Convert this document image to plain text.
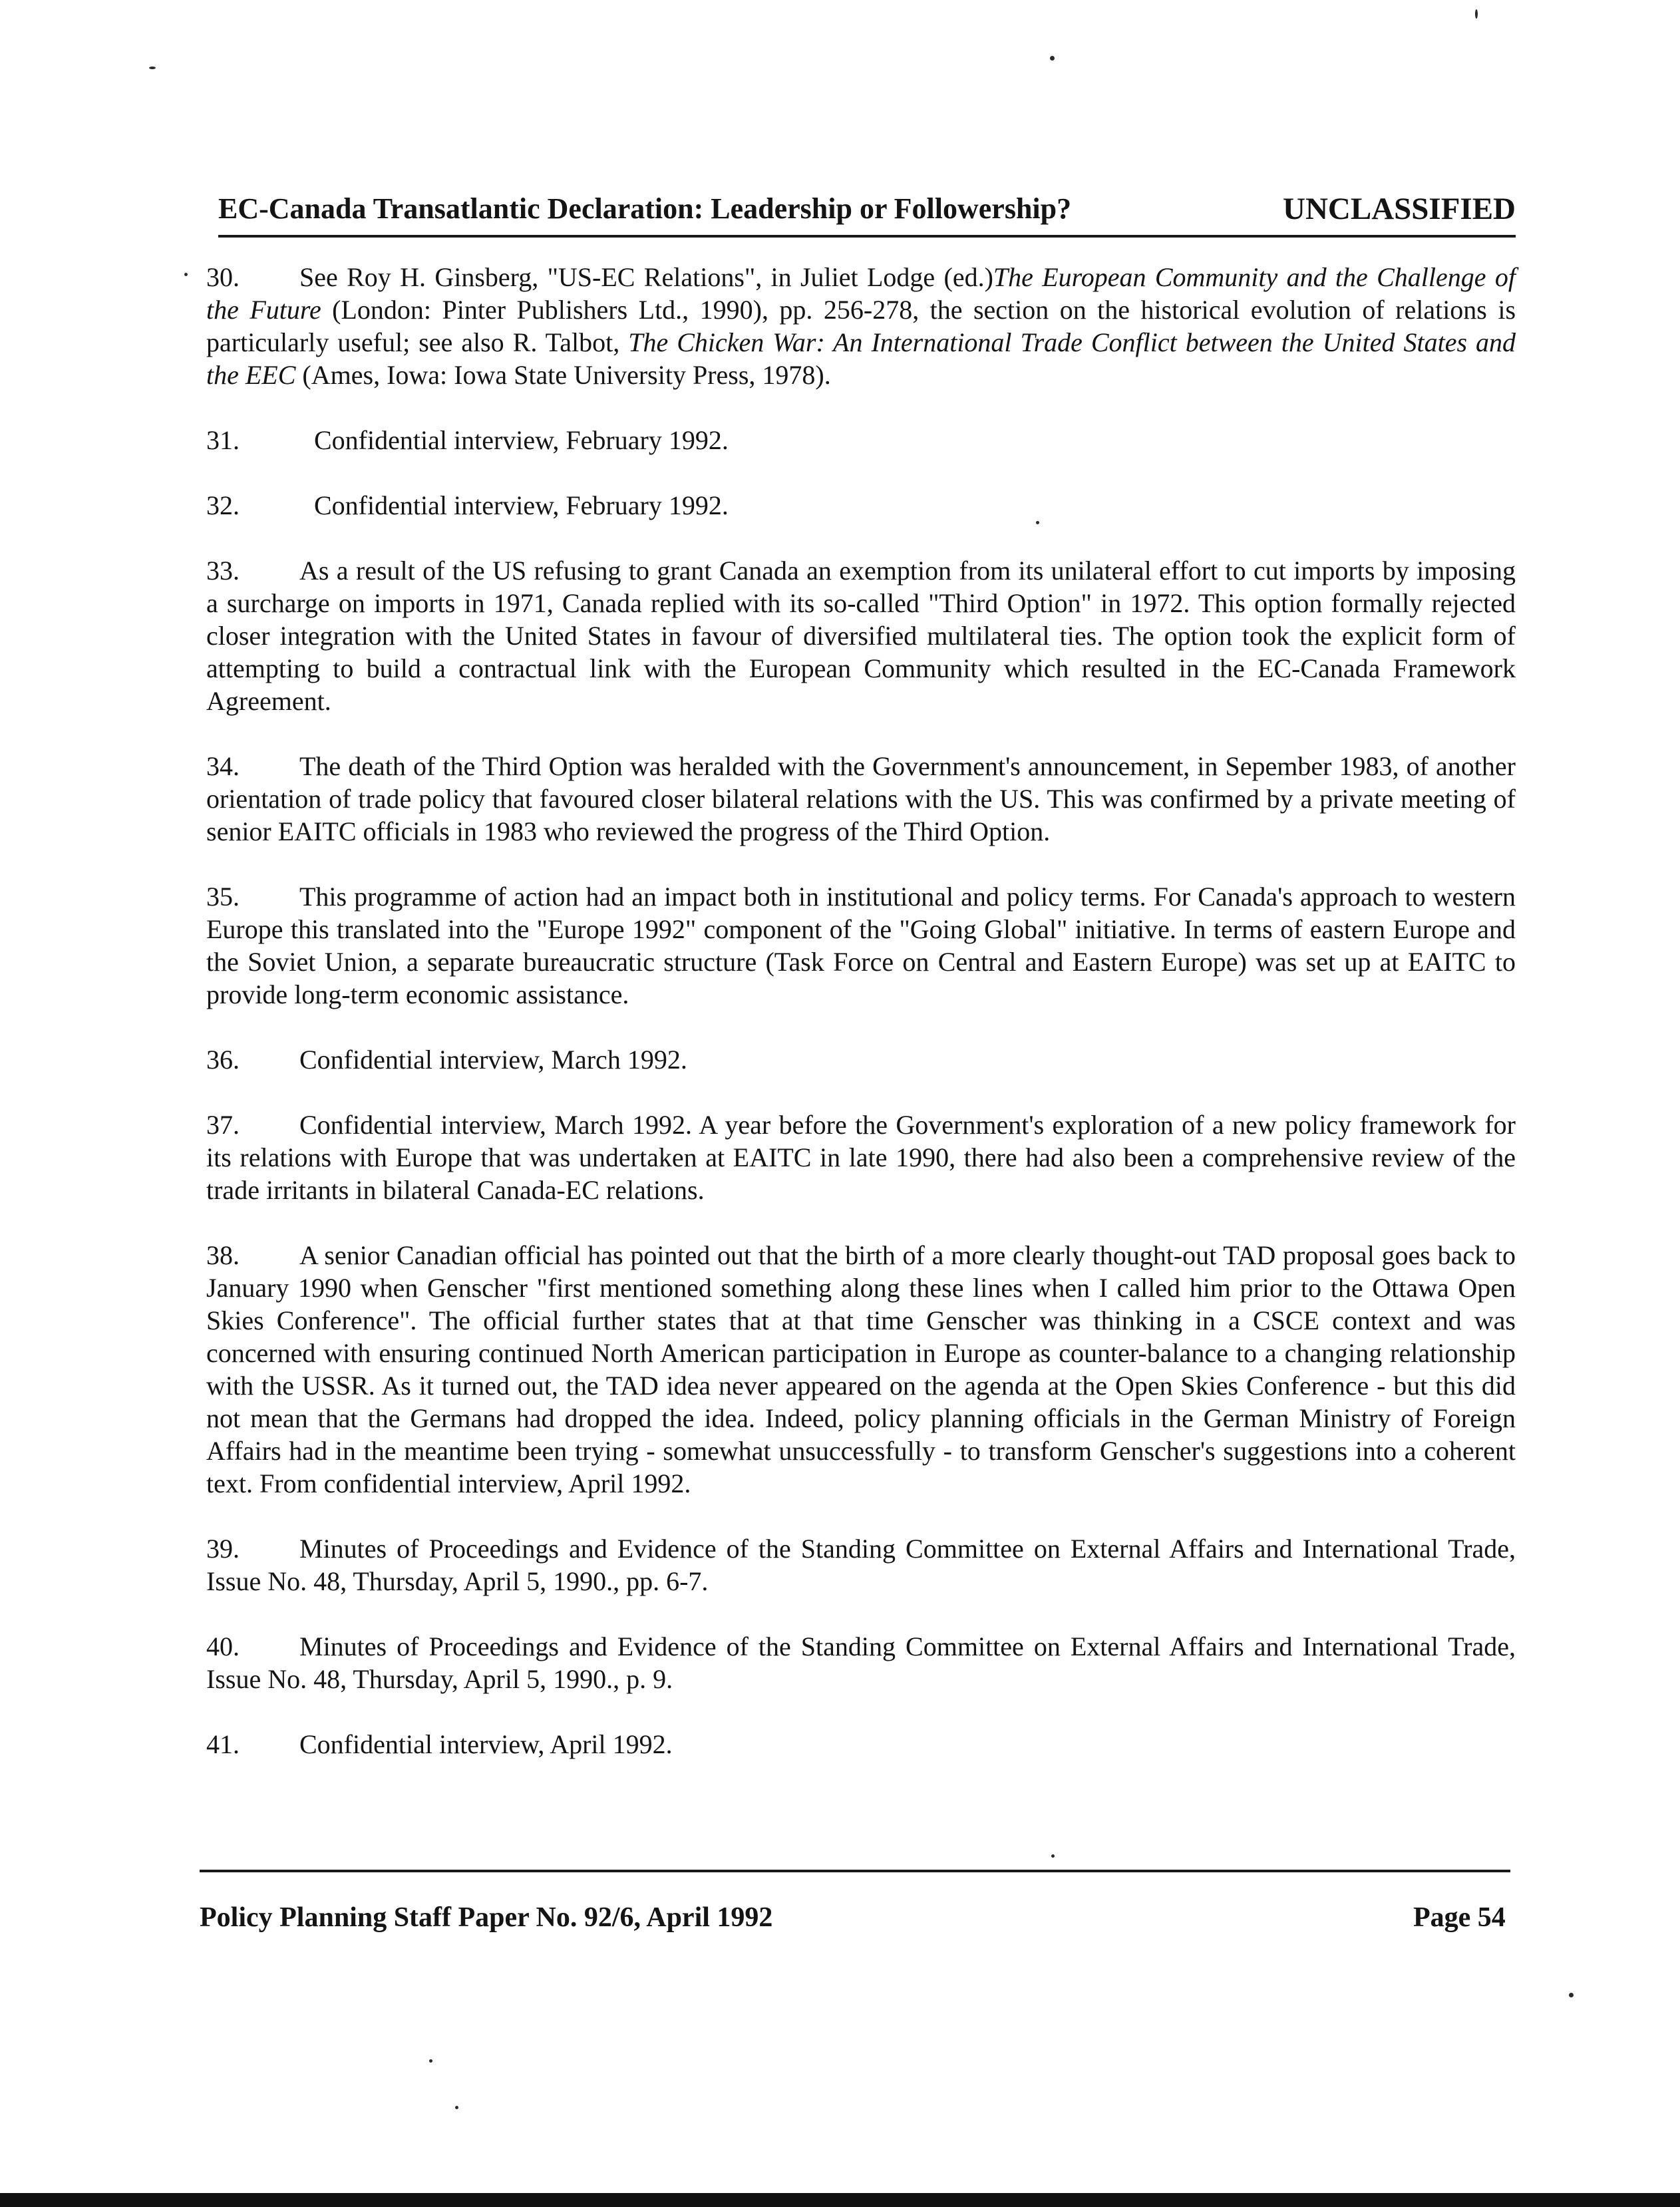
EC-Canada Transatlantic Declaration: Leadership or Followership?	UNCLASSIFIED

30. See Roy H. Ginsberg, "US-EC Relations", in Juliet Lodge (ed.)The European Community and the Challenge of the Future (London: Pinter Publishers Ltd., 1990), pp. 256-278, the section on the historical evolution of relations is particularly useful; see also R. Talbot, The Chicken War: An International Trade Conflict between the United States and the EEC (Ames, Iowa: Iowa State University Press, 1978).

31.	Confidential interview, February 1992.

32.	Confidential interview, February 1992.

33. As a result of the US refusing to grant Canada an exemption from its unilateral effort to cut imports by imposing a surcharge on imports in 1971, Canada replied with its so-called "Third Option" in 1972. This option formally rejected closer integration with the United States in favour of diversified multilateral ties. The option took the explicit form of attempting to build a contractual link with the European Community which resulted in the EC-Canada Framework Agreement.

34. The death of the Third Option was heralded with the Government's announcement, in Sepember 1983, of another orientation of trade policy that favoured closer bilateral relations with the US. This was confirmed by a private meeting of senior EAITC officials in 1983 who reviewed the progress of the Third Option.

35. This programme of action had an impact both in institutional and policy terms. For Canada's approach to western Europe this translated into the "Europe 1992" component of the "Going Global" initiative. In terms of eastern Europe and the Soviet Union, a separate bureaucratic structure (Task Force on Central and Eastern Europe) was set up at EAITC to provide long-term economic assistance.

36. Confidential interview, March 1992.

37. Confidential interview, March 1992. A year before the Government's exploration of a new policy framework for its relations with Europe that was undertaken at EAITC in late 1990, there had also been a comprehensive review of the trade irritants in bilateral Canada-EC relations.

38. A senior Canadian official has pointed out that the birth of a more clearly thought-out TAD proposal goes back to January 1990 when Genscher "first mentioned something along these lines when I called him prior to the Ottawa Open Skies Conference". The official further states that at that time Genscher was thinking in a CSCE context and was concerned with ensuring continued North American participation in Europe as counter-balance to a changing relationship with the USSR. As it turned out, the TAD idea never appeared on the agenda at the Open Skies Conference - but this did not mean that the Germans had dropped the idea. Indeed, policy planning officials in the German Ministry of Foreign Affairs had in the meantime been trying - somewhat unsuccessfully - to transform Genscher's suggestions into a coherent text. From confidential interview, April 1992.

39. Minutes of Proceedings and Evidence of the Standing Committee on External Affairs and International Trade, Issue No. 48, Thursday, April 5, 1990., pp. 6-7.

40. Minutes of Proceedings and Evidence of the Standing Committee on External Affairs and International Trade, Issue No. 48, Thursday, April 5, 1990., p. 9.

41. Confidential interview, April 1992.

Policy Planning Staff Paper No. 92/6, April 1992	Page 54
